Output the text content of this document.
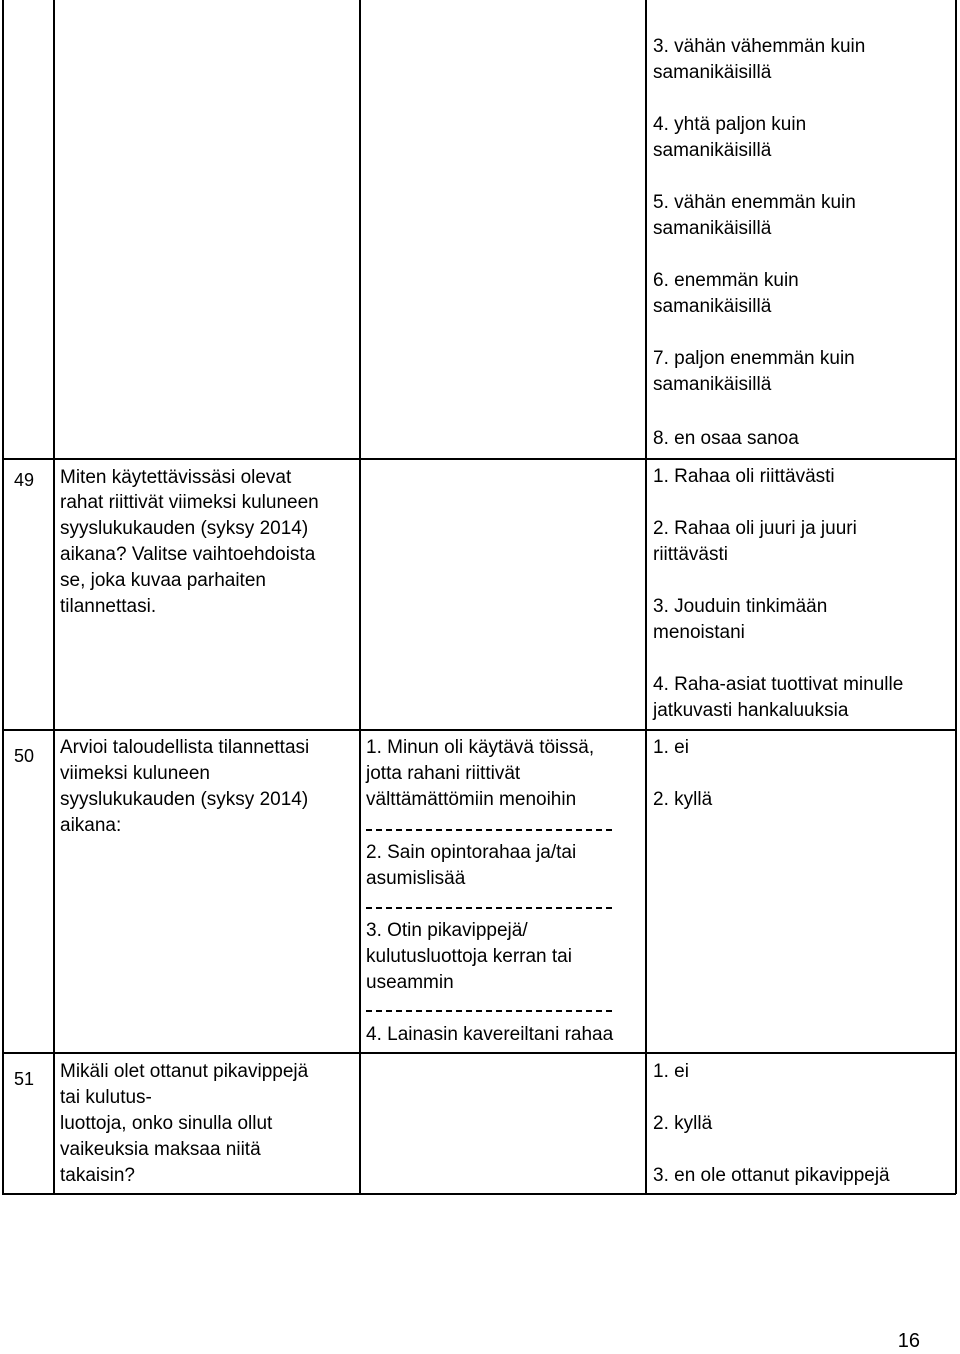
3. vähän vähemmän kuin
samanikäisillä
4. yhtä paljon kuin
samanikäisillä
5. vähän enemmän kuin
samanikäisillä
6. enemmän kuin
samanikäisillä
7. paljon enemmän kuin
samanikäisillä
8. en osaa sanoa
49 Miten käytettävissäsi olevat
rahat riittivät viimeksi kuluneen
syyslukukauden (syksy 2014)
aikana? Valitse vaihtoehdoista
se, joka kuvaa parhaiten
tilannettasi.
1. Rahaa oli riittävästi
2. Rahaa oli juuri ja juuri
riittävästi
3. Jouduin tinkimään
menoistani
4. Raha-asiat tuottivat minulle
jatkuvasti hankaluuksia
50 Arvioi taloudellista tilannettasi
viimeksi kuluneen
syyslukukauden (syksy 2014)
aikana:
1. Minun oli käytävä töissä,
jotta rahani riittivät
välttämättömiin menoihin
2. Sain opintorahaa ja/tai
asumislisää
3. Otin pikavippejä/
kulutusluottoja kerran tai
useammin
4. Lainasin kavereiltani rahaa
1. ei
2. kyllä
51 Mikäli olet ottanut pikavippejä
tai kulutus-
luottoja, onko sinulla ollut
vaikeuksia maksaa niitä
takaisin?
1. ei
2. kyllä
3. en ole ottanut pikavippejä
16
